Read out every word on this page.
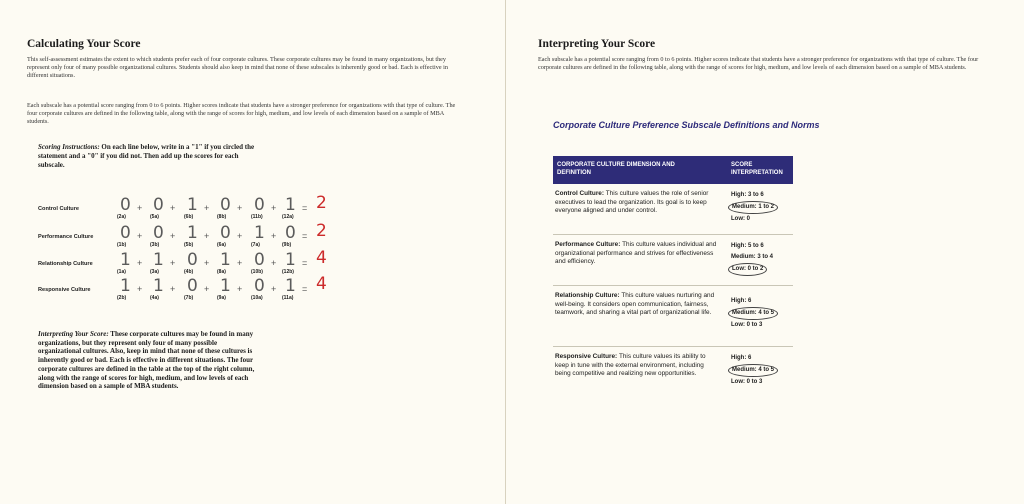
Calculating Your Score

This self-assessment estimates the extent to which students prefer each of four corporate cultures. These corporate cultures may be found in many organizations, but they represent only four of many possible organizational cultures. Students should also keep in mind that none of these subscales is inherently good or bad. Each is effective in different situations.

Each subscale has a potential score ranging from 0 to 6 points. Higher scores indicate that students have a stronger preference for organizations with that type of culture. The four corporate cultures are defined in the following table, along with the range of scores for high, medium, and low levels of each dimension based on a sample of MBA students.

Scoring Instructions: On each line below, write in a "1" if you circled the statement and a "0" if you did not. Then add up the scores for each subscale.

Control Culture 0
(2a)
+ 0
(5a)
+ 1
(6b)
+ 0
(8b)
+ 0
(11b)
+ 1
(12a)
= 2
Performance Culture 0
(1b)
+ 0
(3b)
+ 1
(5b)
+ 0
(6a)
+ 1
(7a)
+ 0
(9b)
= 2
Relationship Culture 1
(1a)
+ 1
(3a)
+ 0
(4b)
+ 1
(8a)
+ 0
(10b)
+ 1
(12b)
= 4
Responsive Culture 1
(2b)
+ 1
(4a)
+ 0
(7b)
+ 1
(9a)
+ 0
(10a)
+ 1
(11a)
= 4

Interpreting Your Score: These corporate cultures may be found in many organizations, but they represent only four of many possible organizational cultures. Also, keep in mind that none of these cultures is inherently good or bad. Each is effective in different situations. The four corporate cultures are defined in the table at the top of the right column, along with the range of scores for high, medium, and low levels of each dimension based on a sample of MBA students.

Interpreting Your Score

Each subscale has a potential score ranging from 0 to 6 points. Higher scores indicate that students have a stronger preference for organizations with that type of culture. The four corporate cultures are defined in the following table, along with the range of scores for high, medium, and low levels of each dimension based on a sample of MBA students.

Corporate Culture Preference Subscale Definitions and Norms
CORPORATE CULTURE DIMENSION AND DEFINITION
SCORE INTERPRETATION

Control Culture: This culture values the role of senior executives to lead the organization. Its goal is to keep everyone aligned and under control.

High: 3 to 6
Medium: 1 to 2
Low: 0

Performance Culture: This culture values individual and organizational performance and strives for effectiveness and efficiency.

High: 5 to 6
Medium: 3 to 4
Low: 0 to 2

Relationship Culture: This culture values nurturing and well-being. It considers open communication, fairness, teamwork, and sharing a vital part of organizational life.

High: 6
Medium: 4 to 5
Low: 0 to 3

Responsive Culture: This culture values its ability to keep in tune with the external environment, including being competitive and realizing new opportunities.

High: 6
Medium: 4 to 5
Low: 0 to 3
